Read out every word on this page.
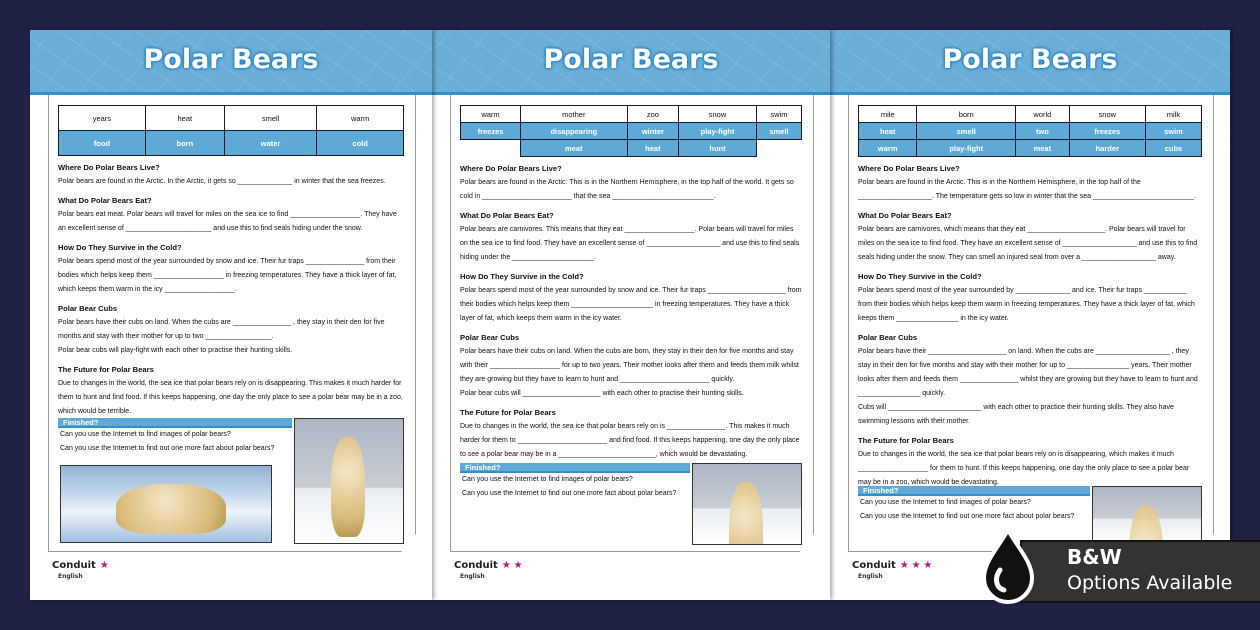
Polar Bears
years	heat	smell	warm
food	born	water	cold
Where Do Polar Bears Live?

Polar bears are found in the Arctic. In the Arctic, it gets so ______________ in winter that the sea freezes.

What Do Polar Bears Eat?

Polar bears eat meat. Polar bears will travel for miles on the sea ice to find __________________. They have an excellent sense of ______________________ and use this to find seals hiding under the snow.

How Do They Survive in the Cold?

Polar bears spend most of the year surrounded by snow and ice. Their fur traps _______________ from their bodies which helps keep them __________________ in freezing temperatures. They have a thick layer of fat, which keeps them warm in the icy __________________.

Polar Bear Cubs

Polar bears have their cubs on land. When the cubs are _______________ , they stay in their den for five months and stay with their mother for up to two _________________.

Polar bear cubs will play-fight with each other to practise their hunting skills.

The Future for Polar Bears

Due to changes in the world, the sea ice that polar bears rely on is disappearing. This makes it much harder for them to hunt and find food. If this keeps happening, one day the only place to see a polar bear may be in a zoo, which would be terrible.

Finished?

Can you use the Internet to find images of polar bears?

Can you use the Internet to find out one more fact about polar bears?

Conduit ★
English
Polar Bears
warm	mother	zoo	snow	swim
freezes	disappearing	winter	play-fight	smell
	meat	heat	hunt	
Where Do Polar Bears Live?

Polar bears are found in the Arctic. This is in the Northern Hemisphere, in the top half of the world. It gets so cold in _______________________ that the sea __________________________.

What Do Polar Bears Eat?

Polar bears are carnivores. This means that they eat __________________. Polar bears will travel for miles on the sea ice to find food. They have an excellent sense of ___________________ and use this to find seals hiding under the _____________________.

How Do They Survive in the Cold?

Polar bears spend most of the year surrounded by snow and ice. Their fur traps ____________________ from their bodies which helps keep them _____________________ in freezing temperatures. They have a thick layer of fat, which keeps them warm in the icy water.

Polar Bear Cubs

Polar bears have their cubs on land. When the cubs are born, they stay in their den for five months and stay with their __________________ for up to two years. Their mother looks after them and feeds them milk whilst they are growing but they have to learn to hunt and _______________________ quickly.

Polar bear cubs will ____________________ with each other to practise their hunting skills.

The Future for Polar Bears

Due to changes in the world, the sea ice that polar bears rely on is _______________. This makes it much harder for them to _______________________ and find food. If this keeps happening, one day the only place to see a polar bear may be in a _________________________, which would be devastating.

Finished?

Can you use the Internet to find images of polar bears?

Can you use the Internet to find out one more fact about polar bears?

Conduit ★ ★
English
Polar Bears
mile	born	world	snow	milk
heat	smell	two	freezes	swim
warm	play-fight	meat	harder	cubs
Where Do Polar Bears Live?

Polar bears are found in the Arctic. This is in the Northern Hemisphere, in the top half of the ___________________. The temperature gets so low in winter that the sea __________________________.

What Do Polar Bears Eat?

Polar bears are carnivores, which means that they eat ____________________. Polar bears will travel for miles on the sea ice to find food. They have an excellent sense of ___________________ and use this to find seals hiding under the snow. They can smell an injured seal from over a ___________________ away.

How Do They Survive in the Cold?

Polar bears spend most of the year surrounded by ______________ and ice. Their fur traps ___________ from their bodies which helps keep them warm in freezing temperatures. They have a thick layer of fat, which keeps them ________________ in the icy water.

Polar Bear Cubs

Polar bears have their ____________________ on land. When the cubs are ___________________ , they stay in their den for five months and stay with their mother for up to ________________ years. Their mother looks after them and feeds them _______________ whilst they are growing but they have to learn to hunt and ________________ quickly.

Cubs will ________________________ with each other to practice their hunting skills. They also have swimming lessons with their mother.

The Future for Polar Bears

Due to changes in the world, the sea ice that polar bears rely on is disappearing, which makes it much __________________ for them to hunt. If this keeps happening, one day the only place to see a polar bear may be in a zoo, which would be devastating.

Finished?

Can you use the Internet to find images of polar bears?

Can you use the Internet to find out one more fact about polar bears?

Conduit ★ ★ ★
English
B&W
Options Available
